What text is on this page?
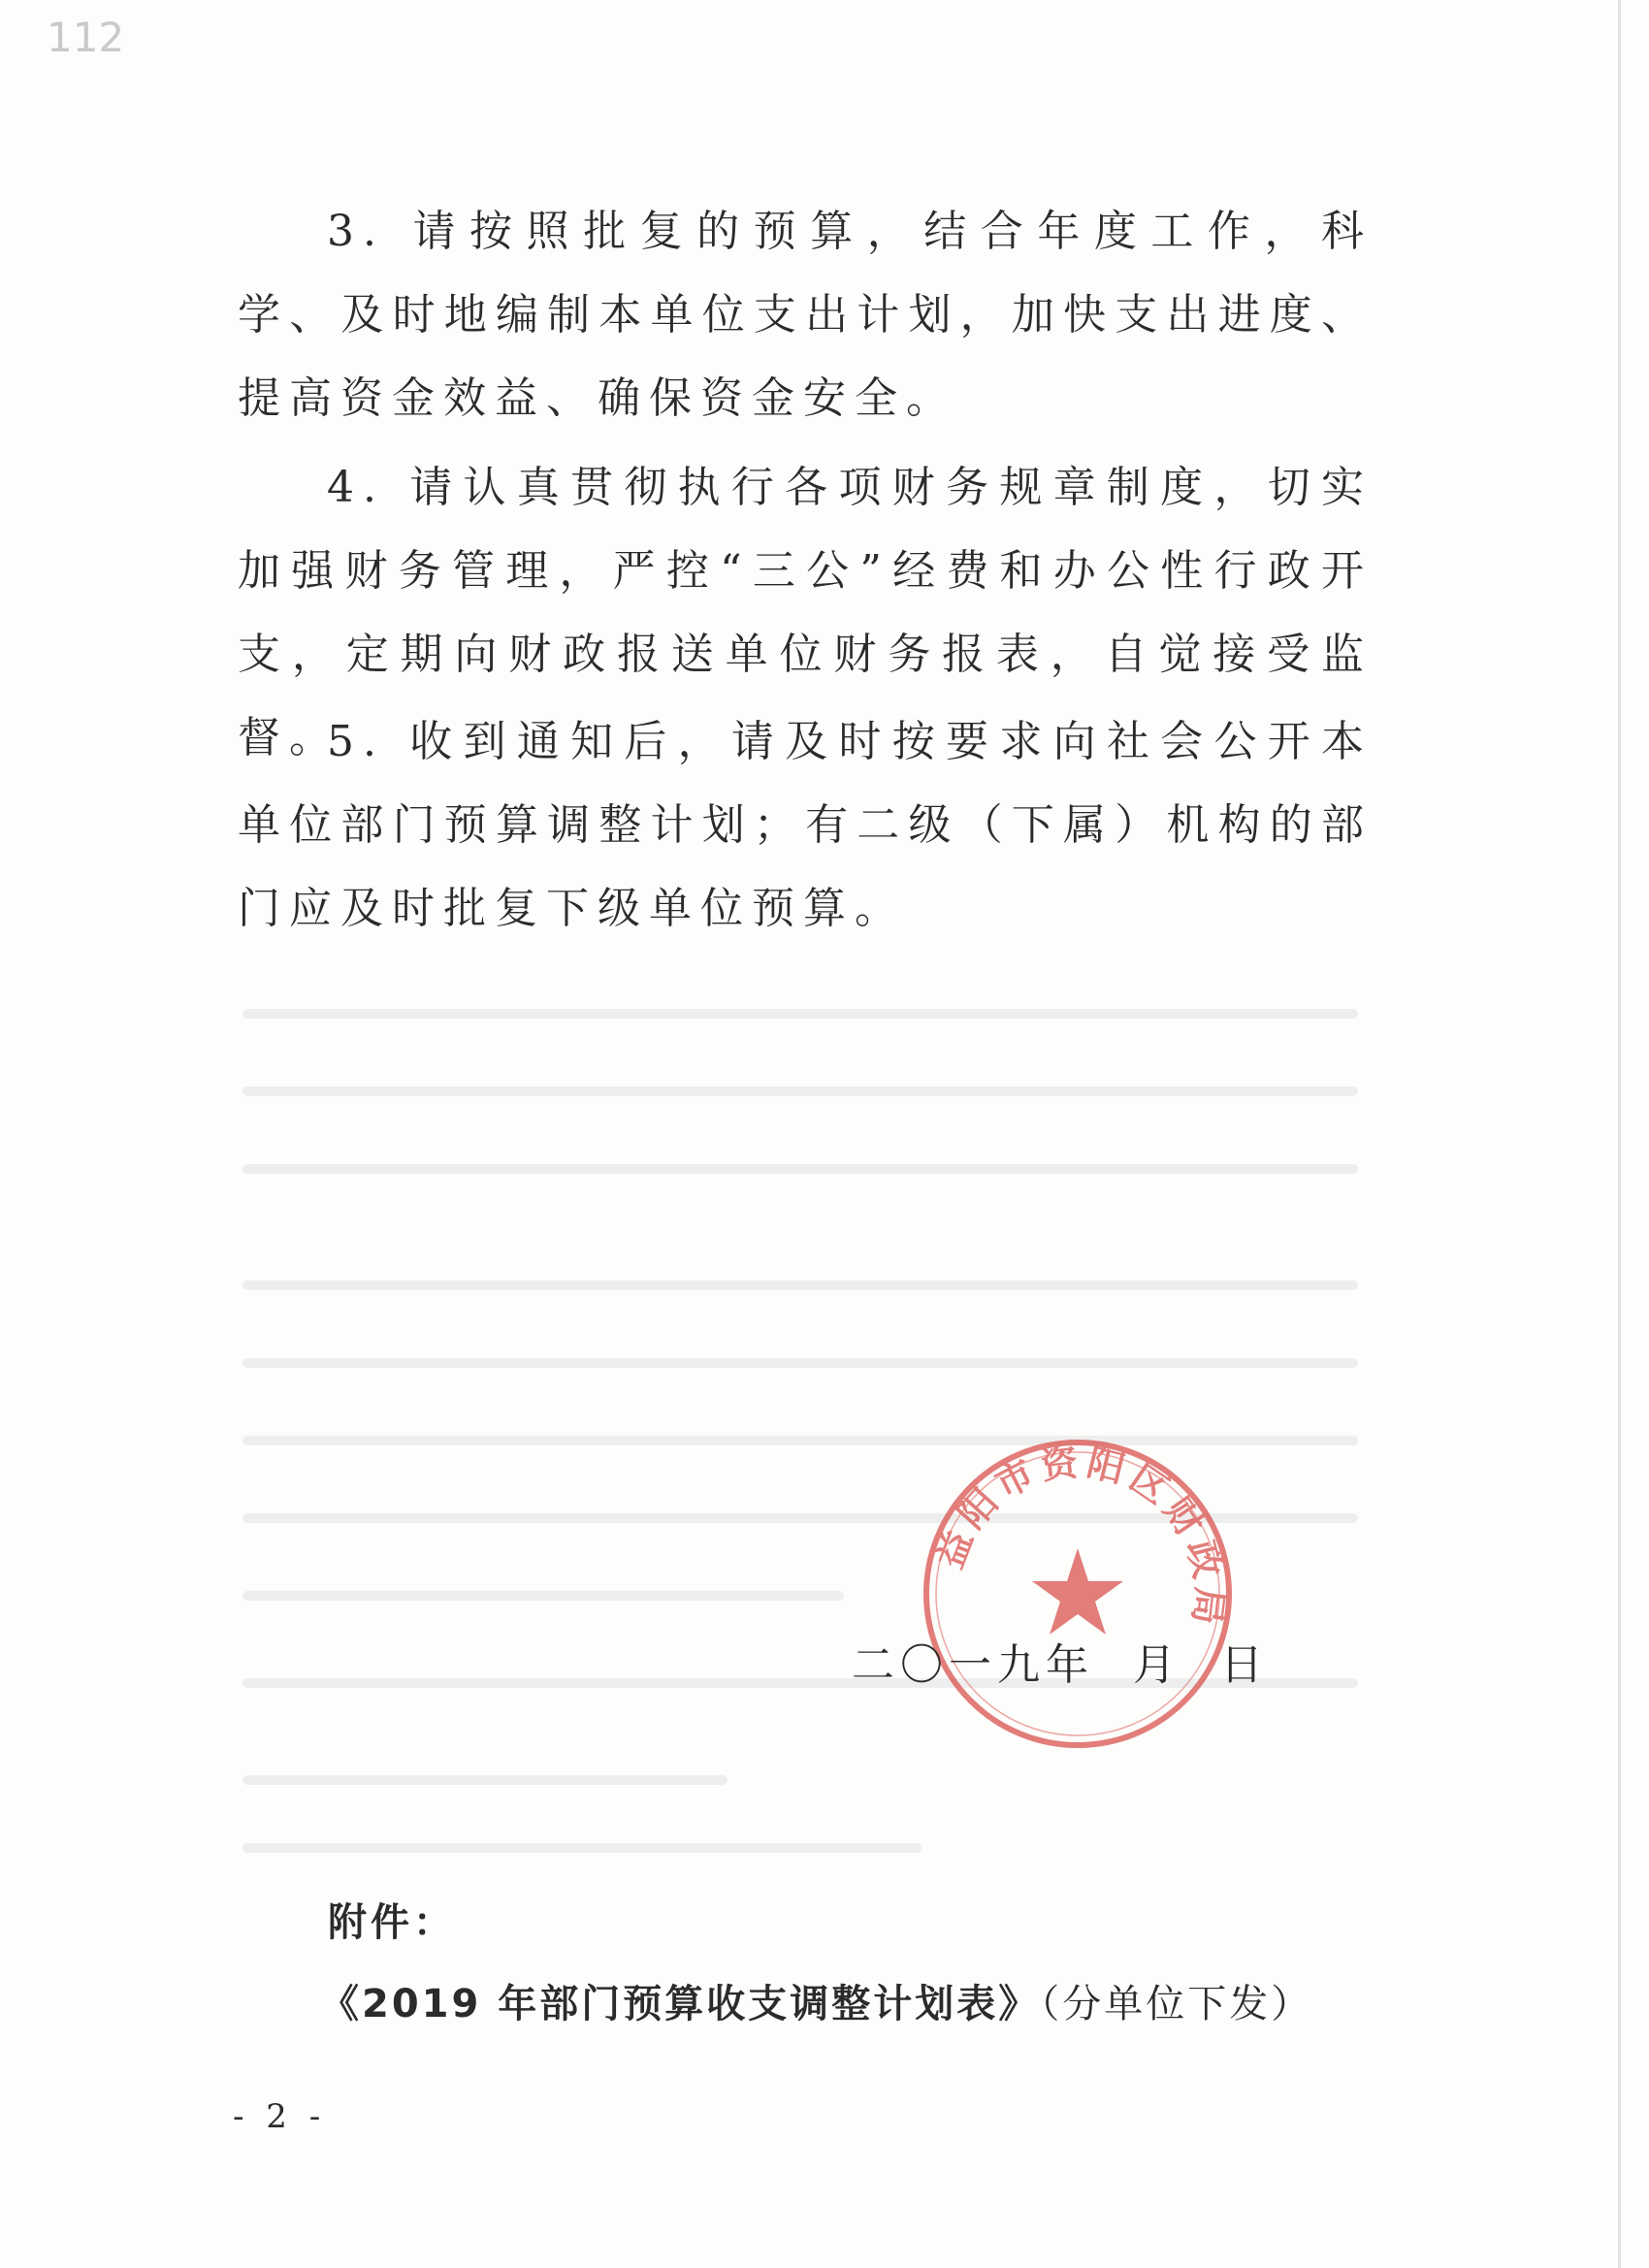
112

3. 请按照批复的预算，结合年度工作，科学、及时地编制本单位支出计划，加快支出进度、提高资金效益、确保资金安全。

4. 请认真贯彻执行各项财务规章制度，切实加强财务管理，严控“三公”经费和办公性行政开支，定期向财政报送单位财务报表，自觉接受监督。

5. 收到通知后，请及时按要求向社会公开本单位部门预算调整计划；有二级（下属）机构的部门应及时批复下级单位预算。

益阳市资阳区财政局
二〇一九年 月 日
附件：
《2019 年部门预算收支调整计划表》（分单位下发）
- 2 -
